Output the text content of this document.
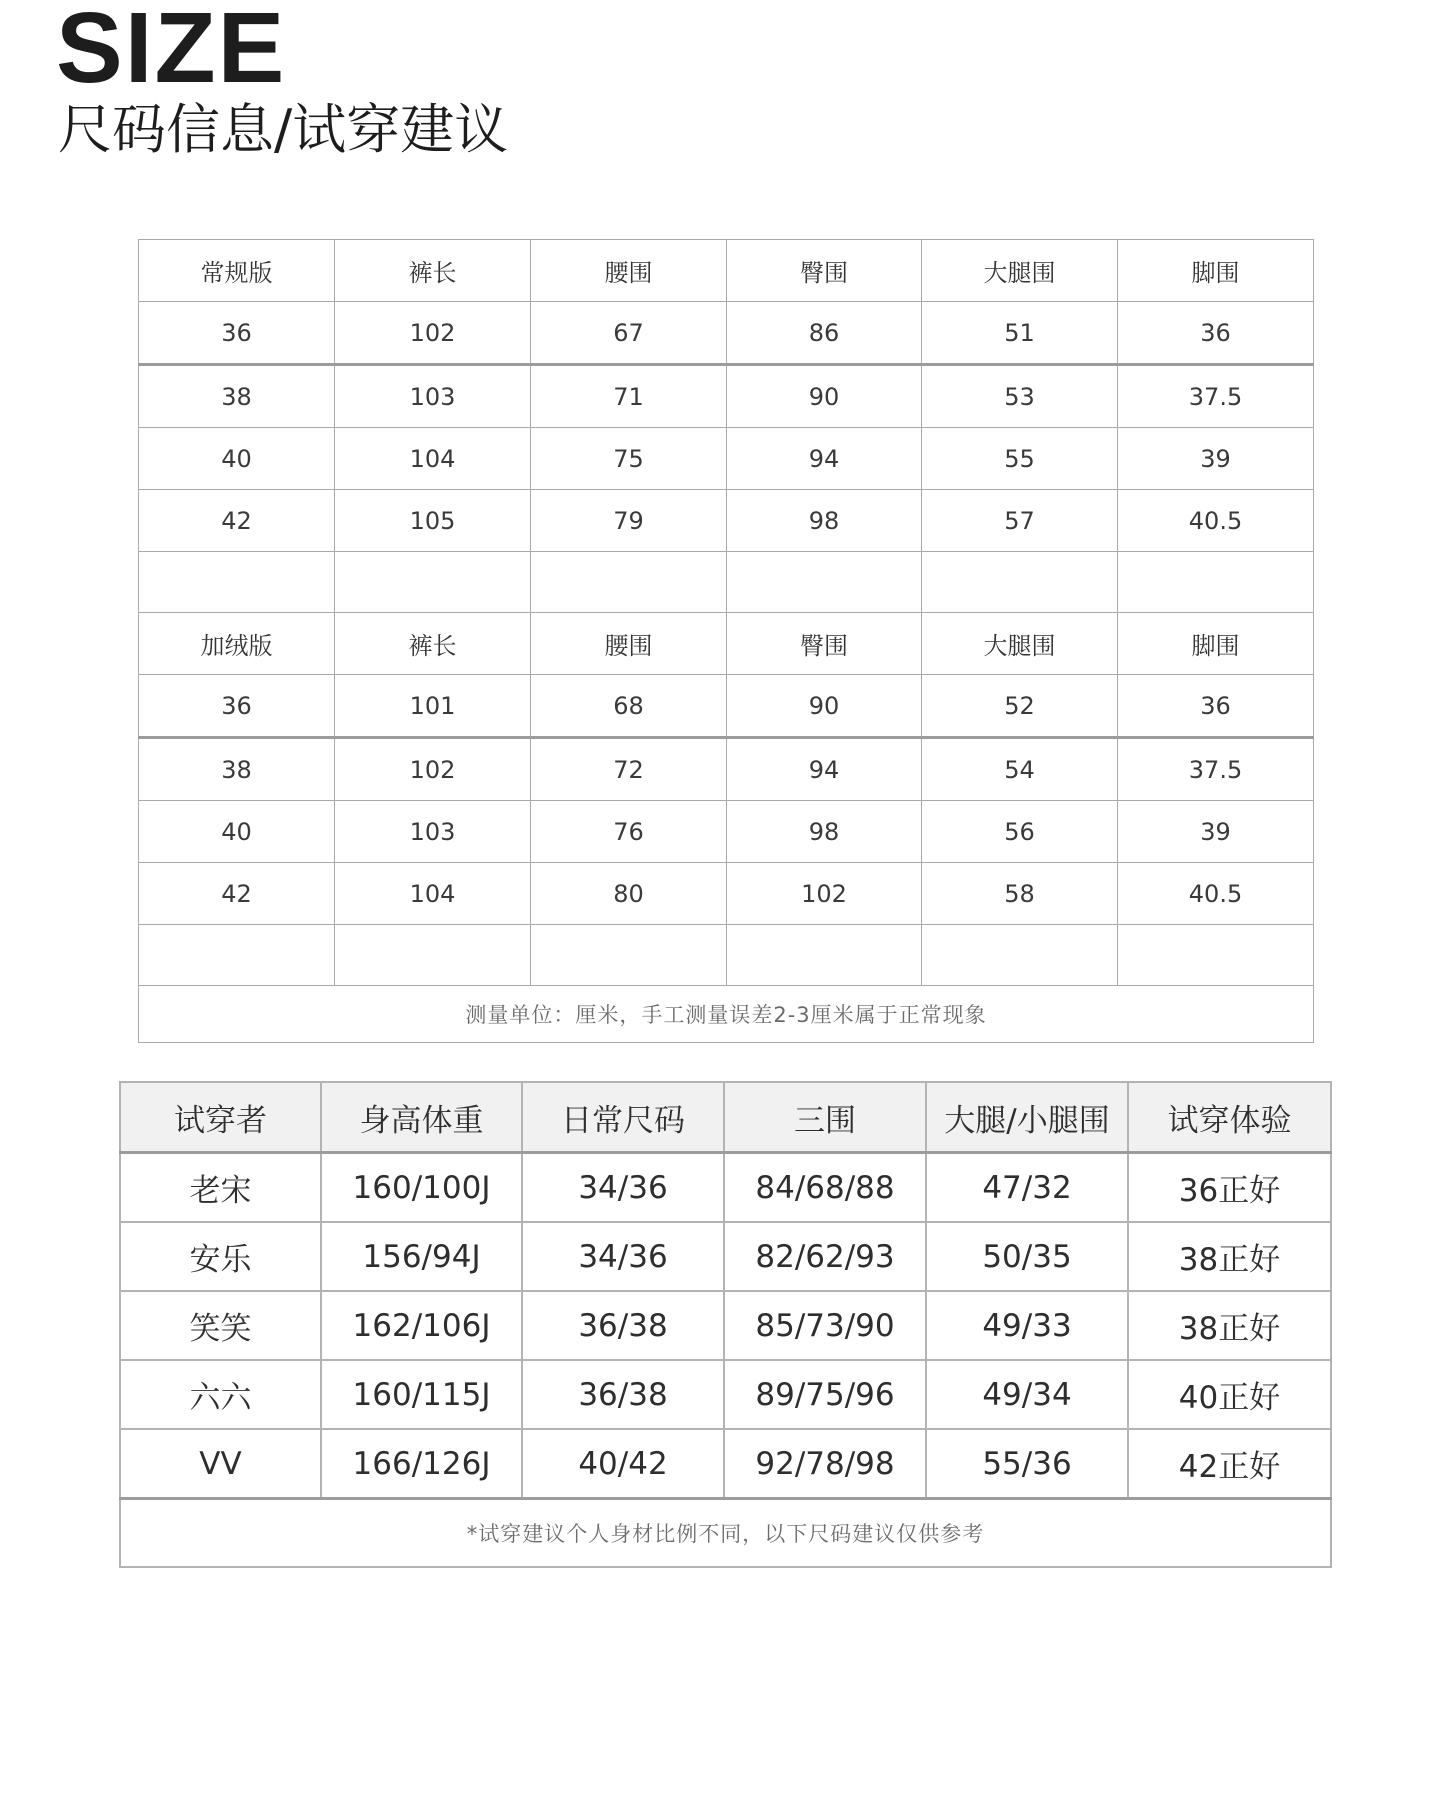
SIZE
尺码信息/试穿建议
常规版	裤长	腰围	臀围	大腿围	脚围
36	102	67	86	51	36
38	103	71	90	53	37.5
40	104	75	94	55	39
42	105	79	98	57	40.5

加绒版	裤长	腰围	臀围	大腿围	脚围
36	101	68	90	52	36
38	102	72	94	54	37.5
40	103	76	98	56	39
42	104	80	102	58	40.5

测量单位：厘米，手工测量误差2-3厘米属于正常现象					
试穿者	身高体重	日常尺码	三围	大腿/小腿围	试穿体验
老宋	160/100J	34/36	84/68/88	47/32	36正好
安乐	156/94J	34/36	82/62/93	50/35	38正好
笑笑	162/106J	36/38	85/73/90	49/33	38正好
六六	160/115J	36/38	89/75/96	49/34	40正好
VV	166/126J	40/42	92/78/98	55/36	42正好
*试穿建议个人身材比例不同，以下尺码建议仅供参考					
